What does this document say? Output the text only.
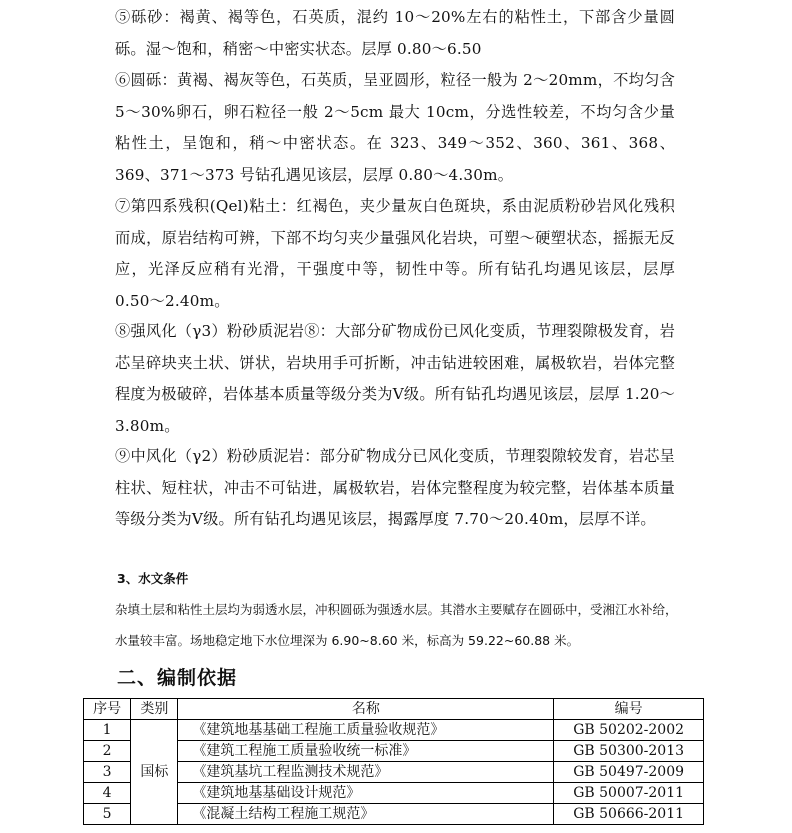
⑤砾砂：褐黄、褐等色，石英质，混约 10～20%左右的粘性土，下部含少量圆砾。湿～饱和，稍密～中密实状态。层厚 0.80～6.50

⑥圆砾：黄褐、褐灰等色，石英质，呈亚圆形，粒径一般为 2～20mm，不均匀含 5～30%卵石，卵石粒径一般 2～5cm 最大 10cm，分选性较差，不均匀含少量粘性土，呈饱和，稍～中密状态。在 323、349～352、360、361、368、369、371～373 号钻孔遇见该层，层厚 0.80～4.30m。

⑦第四系残积(Qel)粘土：红褐色，夹少量灰白色斑块，系由泥质粉砂岩风化残积而成，原岩结构可辨，下部不均匀夹少量强风化岩块，可塑～硬塑状态，摇振无反应，光泽反应稍有光滑，干强度中等，韧性中等。所有钻孔均遇见该层，层厚 0.50～2.40m。

⑧强风化（γ3）粉砂质泥岩⑧：大部分矿物成份已风化变质，节理裂隙极发育，岩芯呈碎块夹土状、饼状，岩块用手可折断，冲击钻进较困难，属极软岩，岩体完整程度为极破碎，岩体基本质量等级分类为Ⅴ级。所有钻孔均遇见该层，层厚 1.20～3.80m。

⑨中风化（γ2）粉砂质泥岩：部分矿物成分已风化变质，节理裂隙较发育，岩芯呈柱状、短柱状，冲击不可钻进，属极软岩，岩体完整程度为较完整，岩体基本质量等级分类为Ⅴ级。所有钻孔均遇见该层，揭露厚度 7.70～20.40m，层厚不详。

3、水文条件

杂填土层和粘性土层均为弱透水层，冲积圆砾为强透水层。其潜水主要赋存在圆砾中，受湘江水补给，水量较丰富。场地稳定地下水位埋深为 6.90~8.60 米，标高为 59.22~60.88 米。

二、编制依据

序号	类别	名称	编号
1	国标	《建筑地基基础工程施工质量验收规范》	GB 50202-2002
2		《建筑工程施工质量验收统一标准》	GB 50300-2013
3		《建筑基坑工程监测技术规范》	GB 50497-2009
4		《建筑地基基础设计规范》	GB 50007-2011
5		《混凝土结构工程施工规范》	GB 50666-2011
